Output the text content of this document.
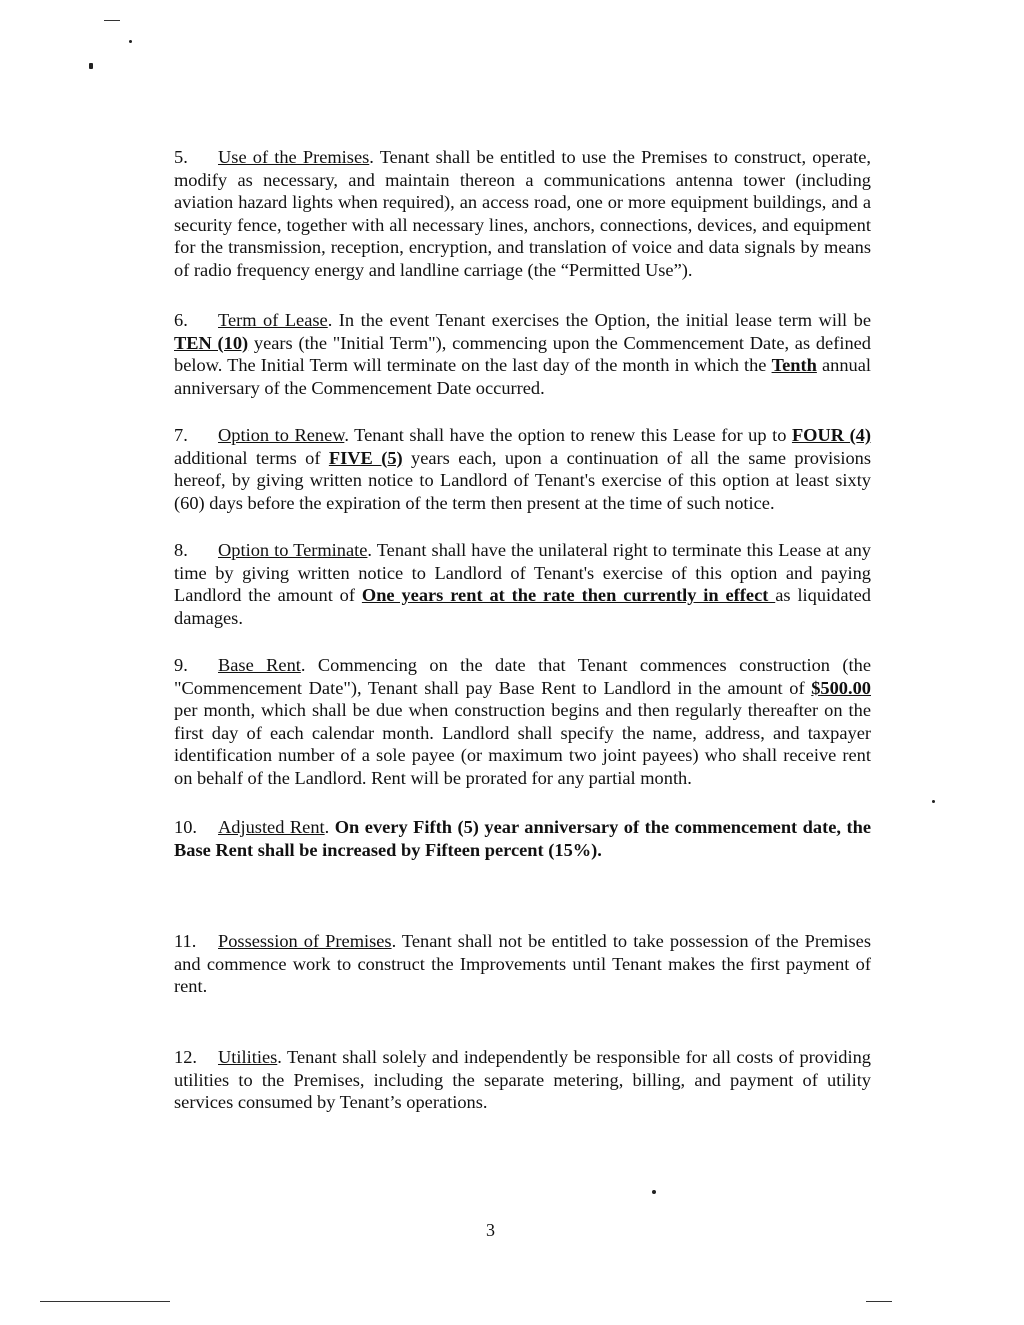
5. Use of the Premises. Tenant shall be entitled to use the Premises to construct, operate, modify as necessary, and maintain thereon a communications antenna tower (including aviation hazard lights when required), an access road, one or more equipment buildings, and a security fence, together with all necessary lines, anchors, connections, devices, and equipment for the transmission, reception, encryption, and translation of voice and data signals by means of radio frequency energy and landline carriage (the “Permitted Use”).

6. Term of Lease. In the event Tenant exercises the Option, the initial lease term will be TEN (10) years (the "Initial Term"), commencing upon the Commencement Date, as defined below. The Initial Term will terminate on the last day of the month in which the Tenth annual anniversary of the Commencement Date occurred.

7. Option to Renew. Tenant shall have the option to renew this Lease for up to FOUR (4) additional terms of FIVE (5) years each, upon a continuation of all the same provisions hereof, by giving written notice to Landlord of Tenant's exercise of this option at least sixty (60) days before the expiration of the term then present at the time of such notice.

8. Option to Terminate. Tenant shall have the unilateral right to terminate this Lease at any time by giving written notice to Landlord of Tenant's exercise of this option and paying Landlord the amount of One years rent at the rate then currently in effect as liquidated damages.

9. Base Rent. Commencing on the date that Tenant commences construction (the "Commencement Date"), Tenant shall pay Base Rent to Landlord in the amount of $500.00 per month, which shall be due when construction begins and then regularly thereafter on the first day of each calendar month. Landlord shall specify the name, address, and taxpayer identification number of a sole payee (or maximum two joint payees) who shall receive rent on behalf of the Landlord. Rent will be prorated for any partial month.

10. Adjusted Rent. On every Fifth (5) year anniversary of the commencement date, the Base Rent shall be increased by Fifteen percent (15%).

11. Possession of Premises. Tenant shall not be entitled to take possession of the Premises and commence work to construct the Improvements until Tenant makes the first payment of rent.

12. Utilities. Tenant shall solely and independently be responsible for all costs of providing utilities to the Premises, including the separate metering, billing, and payment of utility services consumed by Tenant’s operations.

3
